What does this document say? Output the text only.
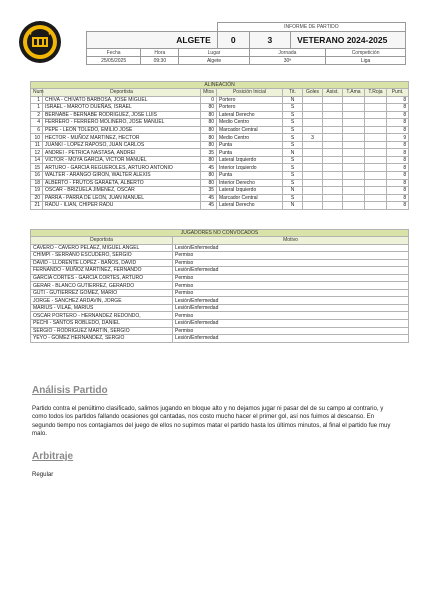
			INFORME DE PARTIDO			
ALGETE			0	3	VETERANO 2024-2025	
Fecha	Hora	Lugar		Jornada		Competición
25/05/2025	09:30	Algete		30ª		Liga
ALINEACIÓN									
Num	Deportista	Mtos	Posición Inicial	Tit.	Goles	Asist.	T.Ama	T.Roja	Punt.
1	CHIVA - CHIVATO BARBOSA, JOSE MIGUEL	0	Portero	N					8
1	ISRAEL - MAROTO DUEÑAS, ISRAEL	80	Portero	S					8
2	BERNABE - BERNABE RODRIGUEZ, JOSE LUIS	80	Lateral Derecho	S					8
4	FERRERO - FERRERO MOLINERO, JOSE MANUEL	80	Medio Centro	S					8
6	PEPE - LEON TOLEDO, EMILIO JOSE	80	Marcador Central	S					8
10	HECTOR - MUÑOZ MARTINEZ, HECTOR	80	Medio Centro	S	3				9
11	JUANKI - LOPEZ RAPOSO, JUAN CARLOS	80	Punta	S					8
12	ANDREI - PETRICA NASTASA, ANDREI	35	Punta	N					8
14	VICTOR - MOYA GARCIA, VICTOR MANUEL	80	Lateral Izquierdo	S					8
15	ARTURO - GARCIA REGUEROLES, ARTURO ANTONIO	45	Interior Izquierdo	S					8
16	WALTER - ARANGO GIRON, WALTER ALEXIS	80	Punta	S					8
18	ALBERTO - FRUTOS GARAETA, ALBERTO	80	Interior Derecho	S					8
19	OSCAR - BRIZUELA JIMENEZ, OSCAR	35	Lateral Izquierdo	N					8
20	PARRA - PARRA DE LEON, JUAN MANUEL	45	Marcador Central	S					8
21	RADU - ILIAN, CHIPER RADU	45	Lateral Derecho	N					8
JUGADORES NO CONVOCADOS	
Deportista	Motivo
CAVERO - CAVERO PELAEZ, MIGUEL ANGEL	Lesión/Enfermedad
CHIMPI - SERRANO ESCUDERO, SERGIO	Permiso
DAVID - LLORENTE LOPEZ - BAÑOS, DAVID	Permiso
FERNANDO - MUÑOZ MARTINEZ, FERNANDO	Lesión/Enfermedad
GARCIA CORTES - GARCIA CORTES, ARTURO	Permiso
GERAR - BLANCO GUTIERREZ, GERARDO	Permiso
GUTI - GUTIERREZ GOMEZ, MARIO	Permiso
JORGE - SANCHEZ ARDAVIN, JORGE	Lesión/Enfermedad
MARIUS - VILAÉ, MARIUS	Lesión/Enfermedad
OSCAR PORTERO - HERNANDEZ REDONDO,	Permiso
PECHI - SANTOS ROBLEDO, DANIEL	Lesión/Enfermedad
SERGIO - RODRIGUEZ MARTIN, SERGIO	Permiso
YEYO - GOMEZ HERNANDEZ, SERGIO	Lesión/Enfermedad
Análisis Partido
Partido contra el penúltimo clasificado, salimos jugando en bloque alto y no dejamos jugar ni pasar del de su campo al contrario, y como todos los partidos fallando ocasiones gol cantadas, nos costo mucho hacer el primer gol, así nos fuimos al descanso. En segundo tiempo nos contagiamos del juego de ellos no supimos matar el partido hasta los últimos minutos, al final el partido fue muy malo.
Arbitraje
Regular
